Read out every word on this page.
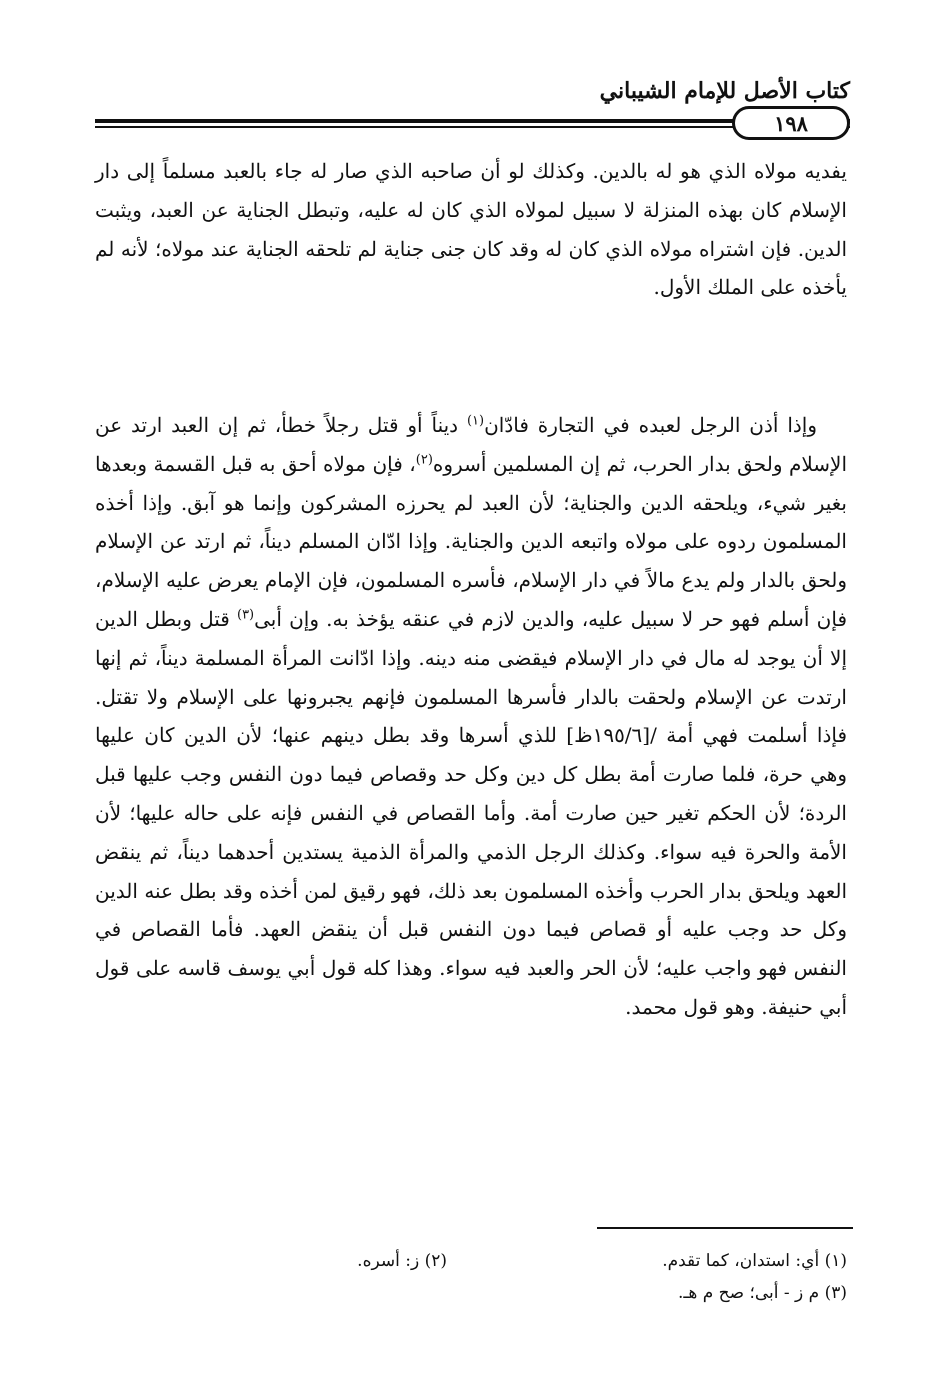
كتاب الأصل للإمام الشيباني
١٩٨
يفديه مولاه الذي هو له بالدين. وكذلك لو أن صاحبه الذي صار له جاء بالعبد مسلماً إلى دار الإسلام كان بهذه المنزلة لا سبيل لمولاه الذي كان له عليه، وتبطل الجناية عن العبد، ويثبت الدين. فإن اشتراه مولاه الذي كان له وقد كان جنى جناية لم تلحقه الجناية عند مولاه؛ لأنه لم يأخذه على الملك الأول.
وإذا أذن الرجل لعبده في التجارة فادّان$^{(١)}$ ديناً أو قتل رجلاً خطأ، ثم إن العبد ارتد عن الإسلام ولحق بدار الحرب، ثم إن المسلمين أسروه$^{(٢)}$، فإن مولاه أحق به قبل القسمة وبعدها بغير شيء، ويلحقه الدين والجناية؛ لأن العبد لم يحرزه المشركون وإنما هو آبق. وإذا أخذه المسلمون ردوه على مولاه واتبعه الدين والجناية. وإذا ادّان المسلم ديناً، ثم ارتد عن الإسلام ولحق بالدار ولم يدع مالاً في دار الإسلام، فأسره المسلمون، فإن الإمام يعرض عليه الإسلام، فإن أسلم فهو حر لا سبيل عليه، والدين لازم في عنقه يؤخذ به. وإن أبى$^{(٣)}$ قتل وبطل الدين إلا أن يوجد له مال في دار الإسلام فيقضى منه دينه. وإذا ادّانت المرأة المسلمة ديناً، ثم إنها ارتدت عن الإسلام ولحقت بالدار فأسرها المسلمون فإنهم يجبرونها على الإسلام ولا تقتل. فإذا أسلمت فهي أمة /[١٩٥/٦ظ] للذي أسرها وقد بطل دينهم عنها؛ لأن الدين كان عليها وهي حرة، فلما صارت أمة بطل كل دين وكل حد وقصاص فيما دون النفس وجب عليها قبل الردة؛ لأن الحكم تغير حين صارت أمة. وأما القصاص في النفس فإنه على حاله عليها؛ لأن الأمة والحرة فيه سواء. وكذلك الرجل الذمي والمرأة الذمية يستدين أحدهما ديناً، ثم ينقض العهد ويلحق بدار الحرب وأخذه المسلمون بعد ذلك، فهو رقيق لمن أخذه وقد بطل عنه الدين وكل حد وجب عليه أو قصاص فيما دون النفس قبل أن ينقض العهد. فأما القصاص في النفس فهو واجب عليه؛ لأن الحر والعبد فيه سواء. وهذا كله قول أبي يوسف قاسه على قول أبي حنيفة. وهو قول محمد.
(١) أي: استدان، كما تقدم.
(٢) ز: أسره.
(٣) م ز - أبى؛ صح م هـ.
